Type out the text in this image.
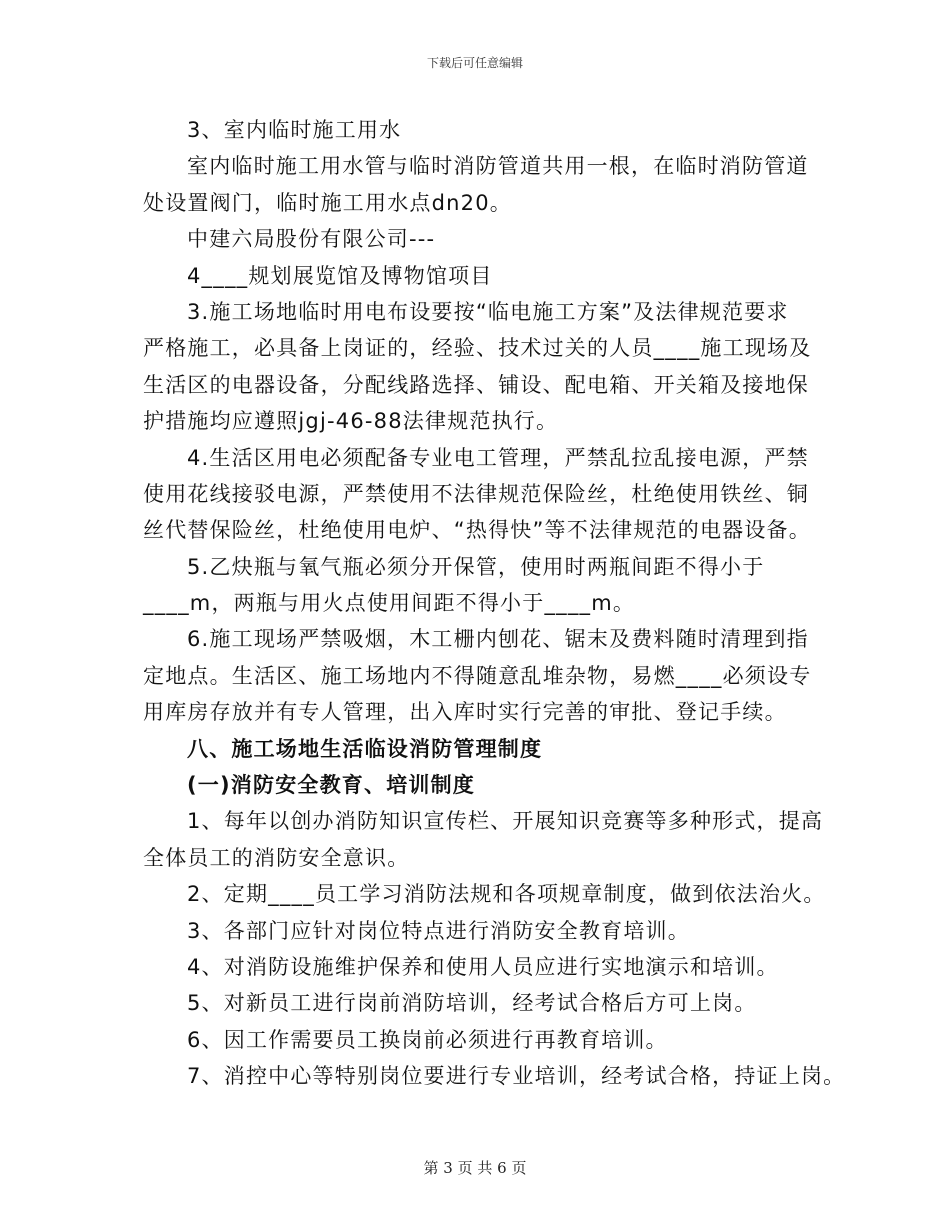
下载后可任意编辑
3、室内临时施工用水
室内临时施工用水管与临时消防管道共用一根，在临时消防管道
处设置阀门，临时施工用水点dn20。
中建六局股份有限公司---
4____规划展览馆及博物馆项目
3.施工场地临时用电布设要按“临电施工方案”及法律规范要求
严格施工，必具备上岗证的，经验、技术过关的人员____施工现场及
生活区的电器设备，分配线路选择、铺设、配电箱、开关箱及接地保
护措施均应遵照jgj-46-88法律规范执行。
4.生活区用电必须配备专业电工管理，严禁乱拉乱接电源，严禁
使用花线接驳电源，严禁使用不法律规范保险丝，杜绝使用铁丝、铜
丝代替保险丝，杜绝使用电炉、“热得快”等不法律规范的电器设备。
5.乙炔瓶与氧气瓶必须分开保管，使用时两瓶间距不得小于
____m，两瓶与用火点使用间距不得小于____m。
6.施工现场严禁吸烟，木工栅内刨花、锯末及费料随时清理到指
定地点。生活区、施工场地内不得随意乱堆杂物，易燃____必须设专
用库房存放并有专人管理，出入库时实行完善的审批、登记手续。
八、施工场地生活临设消防管理制度
(一)消防安全教育、培训制度
1、每年以创办消防知识宣传栏、开展知识竞赛等多种形式，提高
全体员工的消防安全意识。
2、定期____员工学习消防法规和各项规章制度，做到依法治火。
3、各部门应针对岗位特点进行消防安全教育培训。
4、对消防设施维护保养和使用人员应进行实地演示和培训。
5、对新员工进行岗前消防培训，经考试合格后方可上岗。
6、因工作需要员工换岗前必须进行再教育培训。
7、消控中心等特别岗位要进行专业培训，经考试合格，持证上岗。
第 3 页 共 6 页
